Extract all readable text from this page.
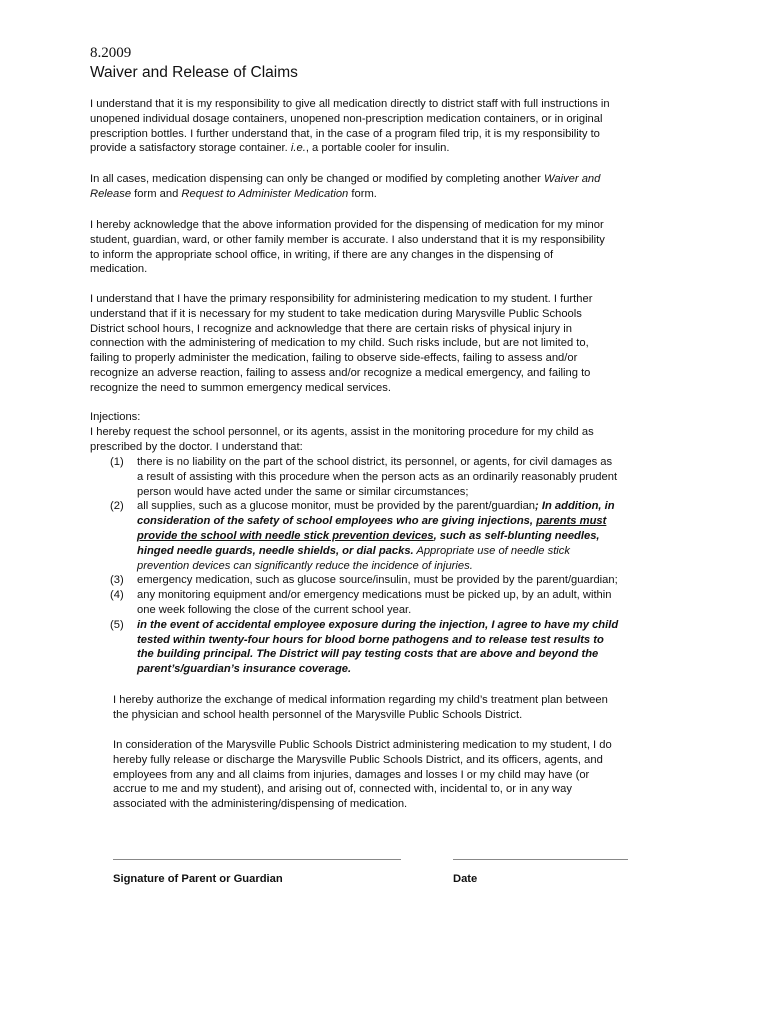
8.2009
Waiver and Release of Claims

I understand that it is my responsibility to give all medication directly to district staff with full instructions in
unopened individual dosage containers, unopened non-prescription medication containers, or in original
prescription bottles. I further understand that, in the case of a program filed trip, it is my responsibility to
provide a satisfactory storage container. i.e., a portable cooler for insulin.

In all cases, medication dispensing can only be changed or modified by completing another Waiver and
Release form and Request to Administer Medication form.

I hereby acknowledge that the above information provided for the dispensing of medication for my minor
student, guardian, ward, or other family member is accurate. I also understand that it is my responsibility
to inform the appropriate school office, in writing, if there are any changes in the dispensing of
medication.

I understand that I have the primary responsibility for administering medication to my student. I further
understand that if it is necessary for my student to take medication during Marysville Public Schools
District school hours, I recognize and acknowledge that there are certain risks of physical injury in
connection with the administering of medication to my child. Such risks include, but are not limited to,
failing to properly administer the medication, failing to observe side-effects, failing to assess and/or
recognize an adverse reaction, failing to assess and/or recognize a medical emergency, and failing to
recognize the need to summon emergency medical services.

Injections:
I hereby request the school personnel, or its agents, assist in the monitoring procedure for my child as
prescribed by the doctor. I understand that:

(1) there is no liability on the part of the school district, its personnel, or agents, for civil damages as
a result of assisting with this procedure when the person acts as an ordinarily reasonably prudent
person would have acted under the same or similar circumstances;
(2) all supplies, such as a glucose monitor, must be provided by the parent/guardian; In addition, in
consideration of the safety of school employees who are giving injections, parents must
provide the school with needle stick prevention devices, such as self-blunting needles,
hinged needle guards, needle shields, or dial packs. Appropriate use of needle stick
prevention devices can significantly reduce the incidence of injuries.
(3) emergency medication, such as glucose source/insulin, must be provided by the parent/guardian;
(4) any monitoring equipment and/or emergency medications must be picked up, by an adult, within
one week following the close of the current school year.
(5) in the event of accidental employee exposure during the injection, I agree to have my child
tested within twenty-four hours for blood borne pathogens and to release test results to
the building principal. The District will pay testing costs that are above and beyond the
parent’s/guardian’s insurance coverage.

I hereby authorize the exchange of medical information regarding my child’s treatment plan between
the physician and school health personnel of the Marysville Public Schools District.

In consideration of the Marysville Public Schools District administering medication to my student, I do
hereby fully release or discharge the Marysville Public Schools District, and its officers, agents, and
employees from any and all claims from injuries, damages and losses I or my child may have (or
accrue to me and my student), and arising out of, connected with, incidental to, or in any way
associated with the administering/dispensing of medication.

Signature of Parent or Guardian	Date
